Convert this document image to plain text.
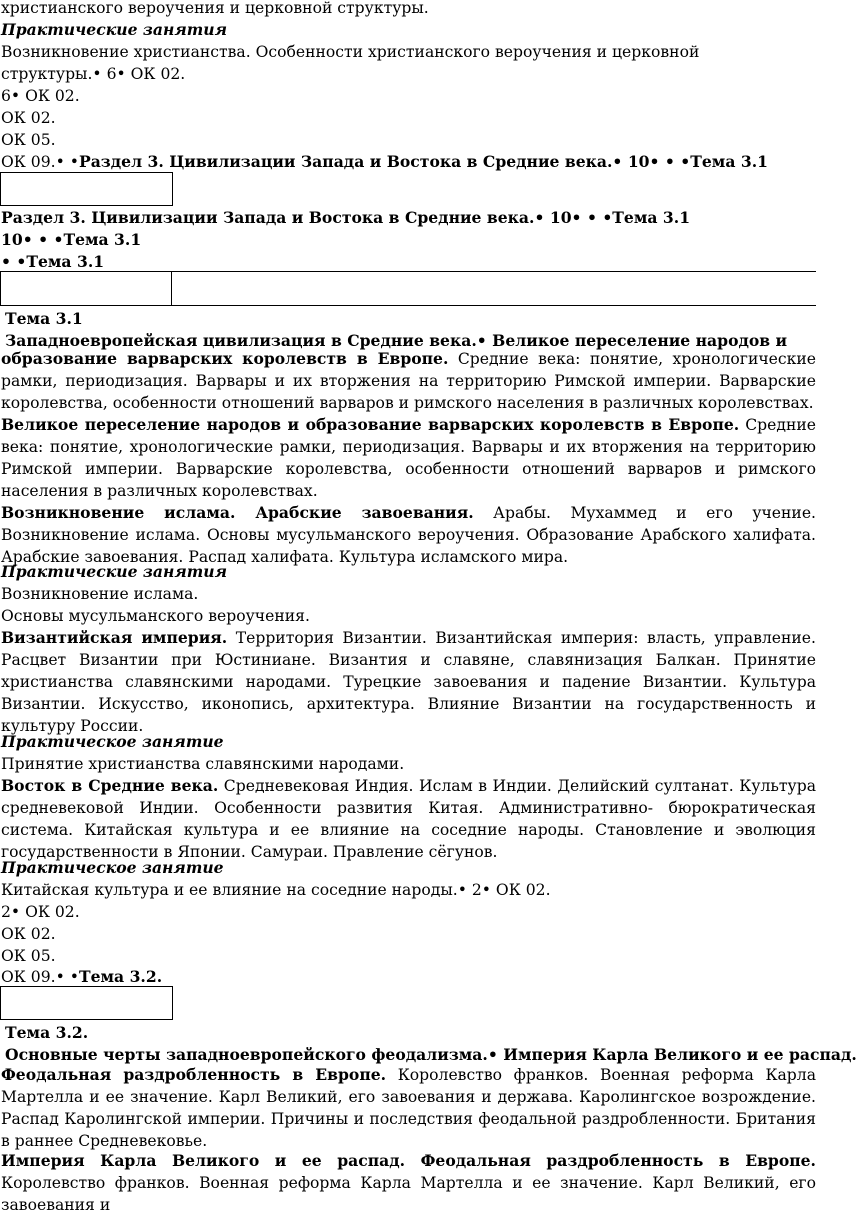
христианского вероучения и церковной структуры.
Практические занятия
Возникновение христианства. Особенности христианского вероучения и церковной
структуры.• 6• ОК 02.
6• ОК 02.
ОК 02.
ОК 05.
ОК 09.• •Раздел 3. Цивилизации Запада и Востока в Средние века.• 10• • •Тема 3.1
Раздел 3. Цивилизации Запада и Востока в Средние века.• 10• • •Тема 3.1
10• • •Тема 3.1
• •Тема 3.1
Тема 3.1
Западноевропейская цивилизация в Средние века.• Великое переселение народов и
образование варварских королевств в Европе. Средние века: понятие, хронологические рамки, периодизация. Варвары и их вторжения на территорию Римской империи. Варварские королевства, особенности отношений варваров и римского населения в различных королевствах.
Великое переселение народов и образование варварских королевств в Европе. Средние века: понятие, хронологические рамки, периодизация. Варвары и их вторжения на территорию Римской империи. Варварские королевства, особенности отношений варваров и римского населения в различных королевствах.
Возникновение ислама. Арабские завоевания. Арабы. Мухаммед и его учение. Возникновение ислама. Основы мусульманского вероучения. Образование Арабского халифата. Арабские завоевания. Распад халифата. Культура исламского мира.
Практические занятия
Возникновение ислама.
Основы мусульманского вероучения.
Византийская империя. Территория Византии. Византийская империя: власть, управление. Расцвет Византии при Юстиниане. Византия и славяне, славянизация Балкан. Принятие христианства славянскими народами. Турецкие завоевания и падение Византии. Культура Византии. Искусство, иконопись, архитектура. Влияние Византии на государственность и культуру России.
Практическое занятие
Принятие христианства славянскими народами.
Восток в Средние века. Средневековая Индия. Ислам в Индии. Делийский султанат. Культура средневековой Индии. Особенности развития Китая. Административно- бюрократическая система. Китайская культура и ее влияние на соседние народы. Становление и эволюция государственности в Японии. Самураи. Правление сёгунов.
Практическое занятие
Китайская культура и ее влияние на соседние народы.• 2• ОК 02.
2• ОК 02.
ОК 02.
ОК 05.
ОК 09.• •Тема 3.2.
Тема 3.2.
Основные черты западноевропейского феодализма.• Империя Карла Великого и ее распад.
Феодальная раздробленность в Европе. Королевство франков. Военная реформа Карла Мартелла и ее значение. Карл Великий, его завоевания и держава. Каролингское возрождение. Распад Каролингской империи. Причины и последствия феодальной раздробленности. Британия в раннее Средневековье.
Империя Карла Великого и ее распад. Феодальная раздробленность в Европе. Королевство франков. Военная реформа Карла Мартелла и ее значение. Карл Великий, его завоевания и
